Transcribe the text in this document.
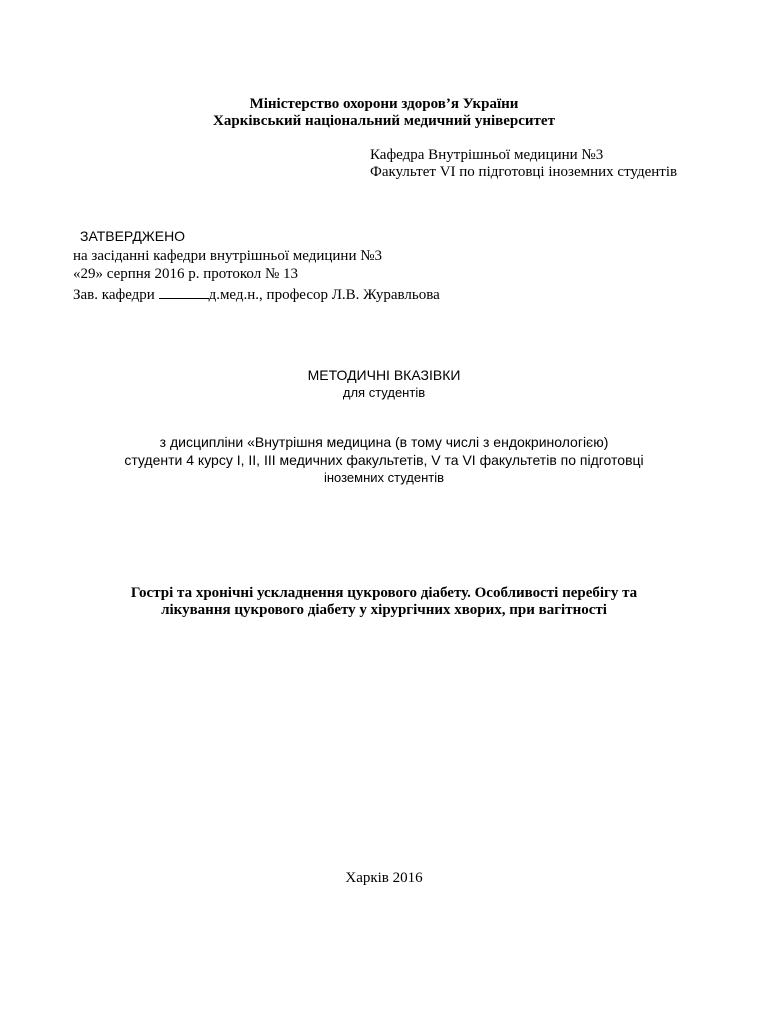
Міністерство охорони здоров’я України
Харківський національний медичний університет
Кафедра Внутрішньої медицини №3
Факультет VI по підготовці іноземних студентів
ЗАТВЕРДЖЕНО
на засіданні кафедри внутрішньої медицини №3
«29» серпня 2016 р. протокол № 13
Зав. кафедри	д.мед.н., професор Л.В. Журавльова
МЕТОДИЧНІ ВКАЗІВКИ
для студентів
з дисципліни «Внутрішня медицина (в тому числі з ендокринологією)
студенти 4 курсу I, II, III медичних факультетів, V та VI факультетів по підготовці
іноземних студентів
Гострі та хронічні ускладнення цукрового діабету. Особливості перебігу та
лікування цукрового діабету у хірургічних хворих, при вагітності
Харків 2016
